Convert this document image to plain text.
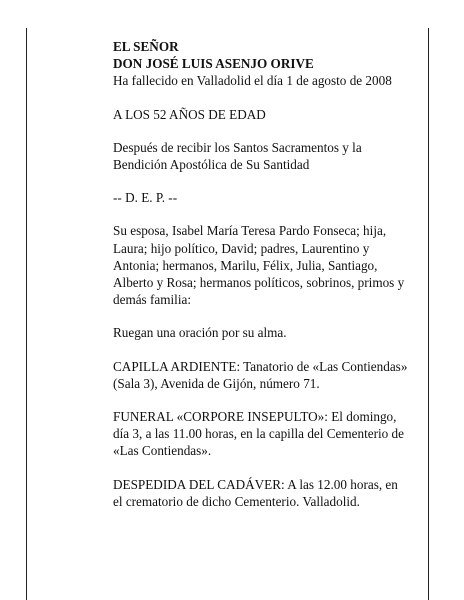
EL SEÑOR

DON JOSÉ LUIS ASENJO ORIVE

Ha fallecido en Valladolid el día 1 de agosto de 2008

A LOS 52 AÑOS DE EDAD

Después de recibir los Santos Sacramentos y la

Bendición Apostólica de Su Santidad

-- D. E. P. --

Su esposa, Isabel María Teresa Pardo Fonseca; hija,

Laura; hijo político, David; padres, Laurentino y

Antonia; hermanos, Marilu, Félix, Julia, Santiago,

Alberto y Rosa; hermanos políticos, sobrinos, primos y

demás familia:

Ruegan una oración por su alma.

CAPILLA ARDIENTE: Tanatorio de «Las Contiendas»

(Sala 3), Avenida de Gijón, número 71.

FUNERAL «CORPORE INSEPULTO»: El domingo,

día 3, a las 11.00 horas, en la capilla del Cementerio de

«Las Contiendas».

DESPEDIDA DEL CADÁVER: A las 12.00 horas, en

el crematorio de dicho Cementerio. Valladolid.
